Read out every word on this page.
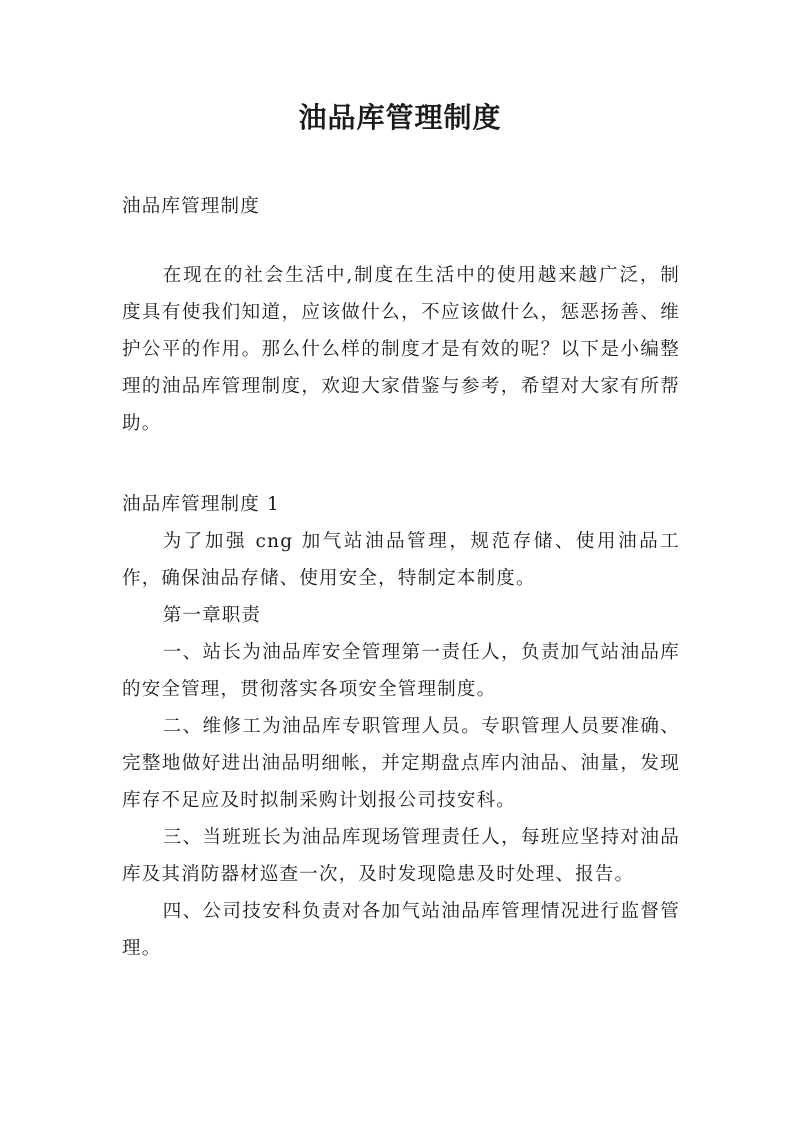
油品库管理制度

油品库管理制度

在现在的社会生活中,制度在生活中的使用越来越广泛，制度具有使我们知道，应该做什么，不应该做什么，惩恶扬善、维护公平的作用。那么什么样的制度才是有效的呢？以下是小编整理的油品库管理制度，欢迎大家借鉴与参考，希望对大家有所帮助。

油品库管理制度 1

为了加强 cng 加气站油品管理，规范存储、使用油品工作，确保油品存储、使用安全，特制定本制度。

第一章职责

一、站长为油品库安全管理第一责任人，负责加气站油品库的安全管理，贯彻落实各项安全管理制度。

二、维修工为油品库专职管理人员。专职管理人员要准确、完整地做好进出油品明细帐，并定期盘点库内油品、油量，发现库存不足应及时拟制采购计划报公司技安科。

三、当班班长为油品库现场管理责任人，每班应坚持对油品库及其消防器材巡查一次，及时发现隐患及时处理、报告。

四、公司技安科负责对各加气站油品库管理情况进行监督管理。
